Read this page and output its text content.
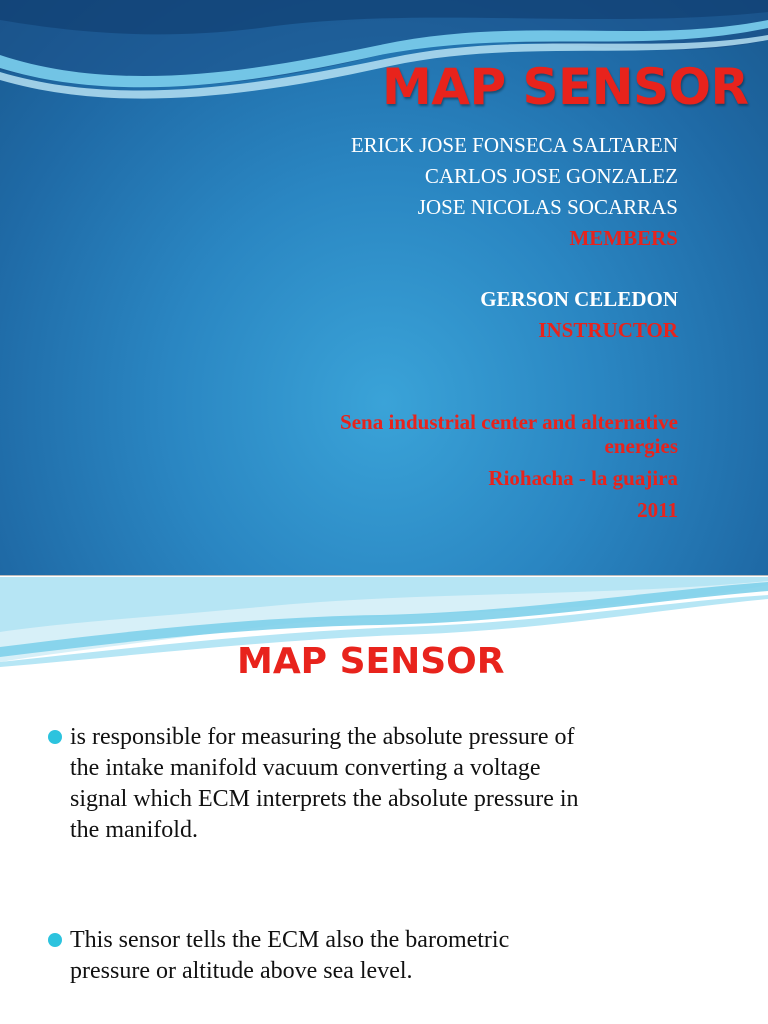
MAP SENSOR
ERICK JOSE FONSECA SALTAREN
CARLOS JOSE GONZALEZ
JOSE NICOLAS SOCARRAS
MEMBERS
GERSON CELEDON
INSTRUCTOR
Sena industrial center and alternative
energies
Riohacha - la guajira
2011
MAP SENSOR
is responsible for measuring the absolute pressure of
the intake manifold vacuum converting a voltage
signal which ECM interprets the absolute pressure in
the manifold.
This sensor tells the ECM also the barometric
pressure or altitude above sea level.
